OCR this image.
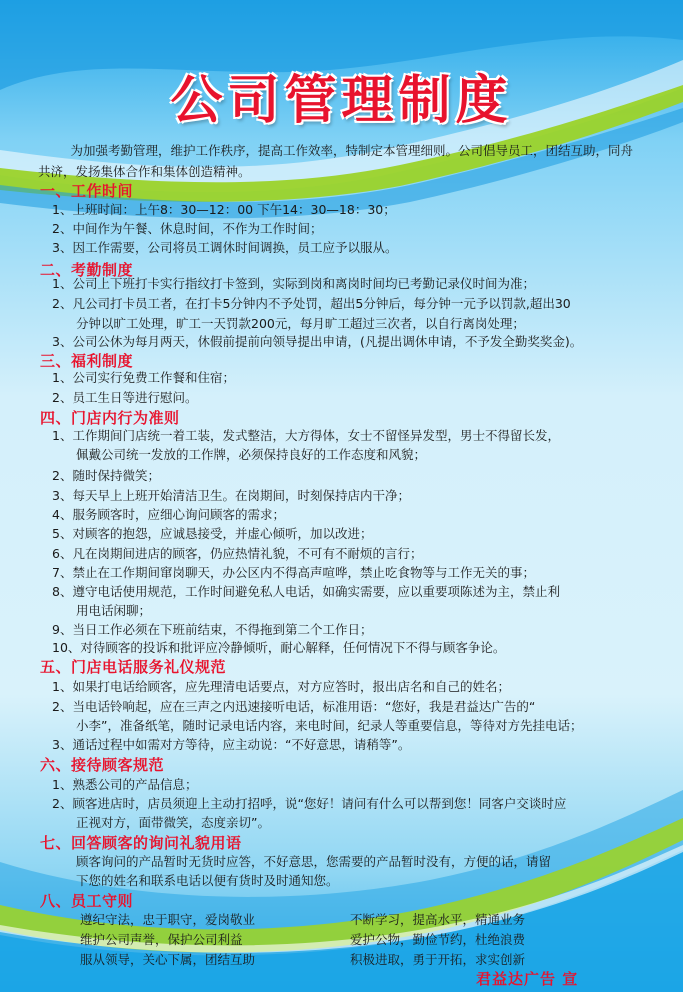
公司管理制度
为加强考勤管理，维护工作秩序，提高工作效率，特制定本管理细则。公司倡导员工，团结互助，同舟共济，发扬集体合作和集体创造精神。
一、工作时间
1、上班时间：上午8：30—12：00 下午14：30—18：30；
2、中间作为午餐、休息时间，不作为工作时间；
3、因工作需要，公司将员工调休时间调换，员工应予以服从。
二、考勤制度
1、公司上下班打卡实行指纹打卡签到，实际到岗和离岗时间均已考勤记录仪时间为准；
2、凡公司打卡员工者，在打卡5分钟内不予处罚，超出5分钟后，每分钟一元予以罚款,超出30
分钟以旷工处理，旷工一天罚款200元，每月旷工超过三次者，以自行离岗处理；
3、公司公休为每月两天，休假前提前向领导提出申请，(凡提出调休申请，不予发全勤奖奖金)。
三、福利制度
1、公司实行免费工作餐和住宿；
2、员工生日等进行慰问。
四、门店内行为准则
1、工作期间门店统一着工装，发式整洁，大方得体，女士不留怪异发型，男士不得留长发，
佩戴公司统一发放的工作牌，必须保持良好的工作态度和风貌；
2、随时保持微笑；
3、每天早上上班开始清洁卫生。在岗期间，时刻保持店内干净；
4、服务顾客时，应细心询问顾客的需求；
5、对顾客的抱怨，应诚恳接受，并虚心倾听，加以改进；
6、凡在岗期间进店的顾客，仍应热情礼貌，不可有不耐烦的言行；
7、禁止在工作期间窜岗聊天，办公区内不得高声喧哗，禁止吃食物等与工作无关的事；
8、遵守电话使用规范，工作时间避免私人电话，如确实需要，应以重要项陈述为主，禁止利
用电话闲聊；
9、当日工作必须在下班前结束，不得拖到第二个工作日；
10、对待顾客的投诉和批评应冷静倾听，耐心解释，任何情况下不得与顾客争论。
五、门店电话服务礼仪规范
1、如果打电话给顾客，应先理清电话要点，对方应答时，报出店名和自己的姓名；
2、当电话铃响起，应在三声之内迅速接听电话，标准用语：“您好，我是君益达广告的“
小李”，准备纸笔，随时记录电话内容，来电时间，纪录人等重要信息，等待对方先挂电话；
3、通话过程中如需对方等待，应主动说：“不好意思，请稍等”。
六、接待顾客规范
1、熟悉公司的产品信息；
2、顾客进店时，店员须迎上主动打招呼，说“您好！请问有什么可以帮到您！同客户交谈时应
正视对方，面带微笑，态度亲切”。
七、回答顾客的询问礼貌用语
顾客询问的产品暂时无货时应答，不好意思，您需要的产品暂时没有，方便的话，请留
下您的姓名和联系电话以便有货时及时通知您。
八、员工守则
遵纪守法，忠于职守，爱岗敬业	不断学习，提高水平，精通业务
维护公司声誉，保护公司利益	爱护公物，勤俭节约，杜绝浪费
服从领导，关心下属，团结互助	积极进取，勇于开拓，求实创新
君益达广告 宣
